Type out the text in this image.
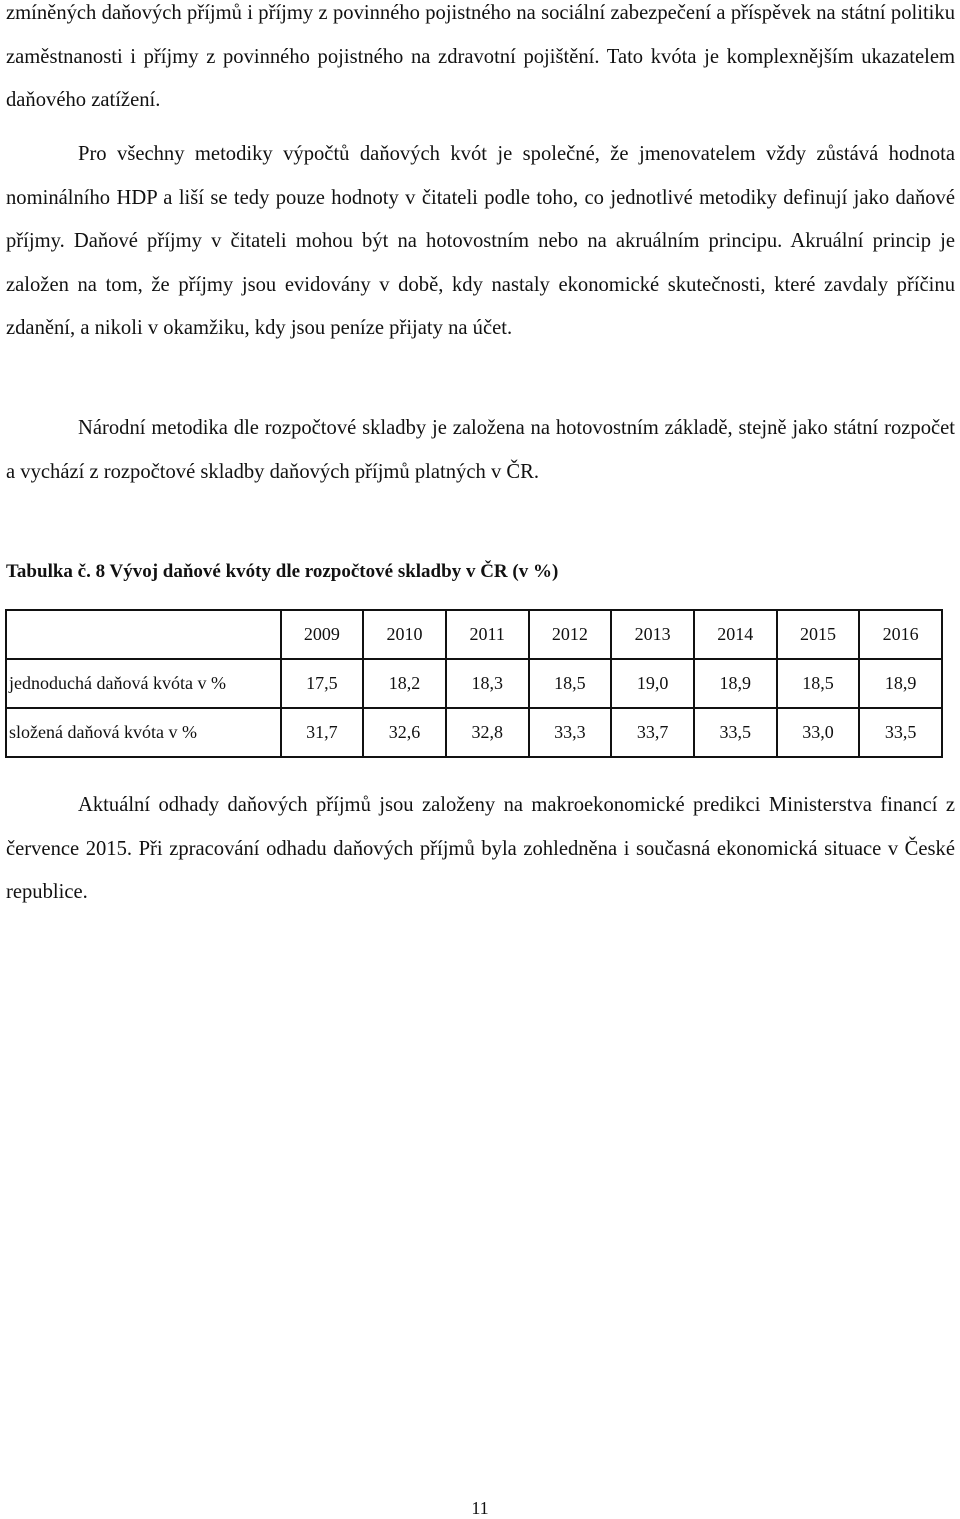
zmíněných daňových příjmů i příjmy z povinného pojistného na sociální zabezpečení a příspěvek na státní politiku zaměstnanosti i příjmy z povinného pojistného na zdravotní pojištění. Tato kvóta je komplexnějším ukazatelem daňového zatížení.

Pro všechny metodiky výpočtů daňových kvót je společné, že jmenovatelem vždy zůstává hodnota nominálního HDP a liší se tedy pouze hodnoty v čitateli podle toho, co jednotlivé metodiky definují jako daňové příjmy. Daňové příjmy v čitateli mohou být na hotovostním nebo na akruálním principu. Akruální princip je založen na tom, že příjmy jsou evidovány v době, kdy nastaly ekonomické skutečnosti, které zavdaly příčinu zdanění, a nikoli v okamžiku, kdy jsou peníze přijaty na účet.

Národní metodika dle rozpočtové skladby je založena na hotovostním základě, stejně jako státní rozpočet a vychází z rozpočtové skladby daňových příjmů platných v ČR.

Tabulka č. 8 Vývoj daňové kvóty dle rozpočtové skladby v ČR (v %)

	2009	2010	2011	2012	2013	2014	2015	2016
jednoduchá daňová kvóta v %	17,5	18,2	18,3	18,5	19,0	18,9	18,5	18,9
složená daňová kvóta v %	31,7	32,6	32,8	33,3	33,7	33,5	33,0	33,5

Aktuální odhady daňových příjmů jsou založeny na makroekonomické predikci Ministerstva financí z července 2015. Při zpracování odhadu daňových příjmů byla zohledněna i současná ekonomická situace v České republice.

11
